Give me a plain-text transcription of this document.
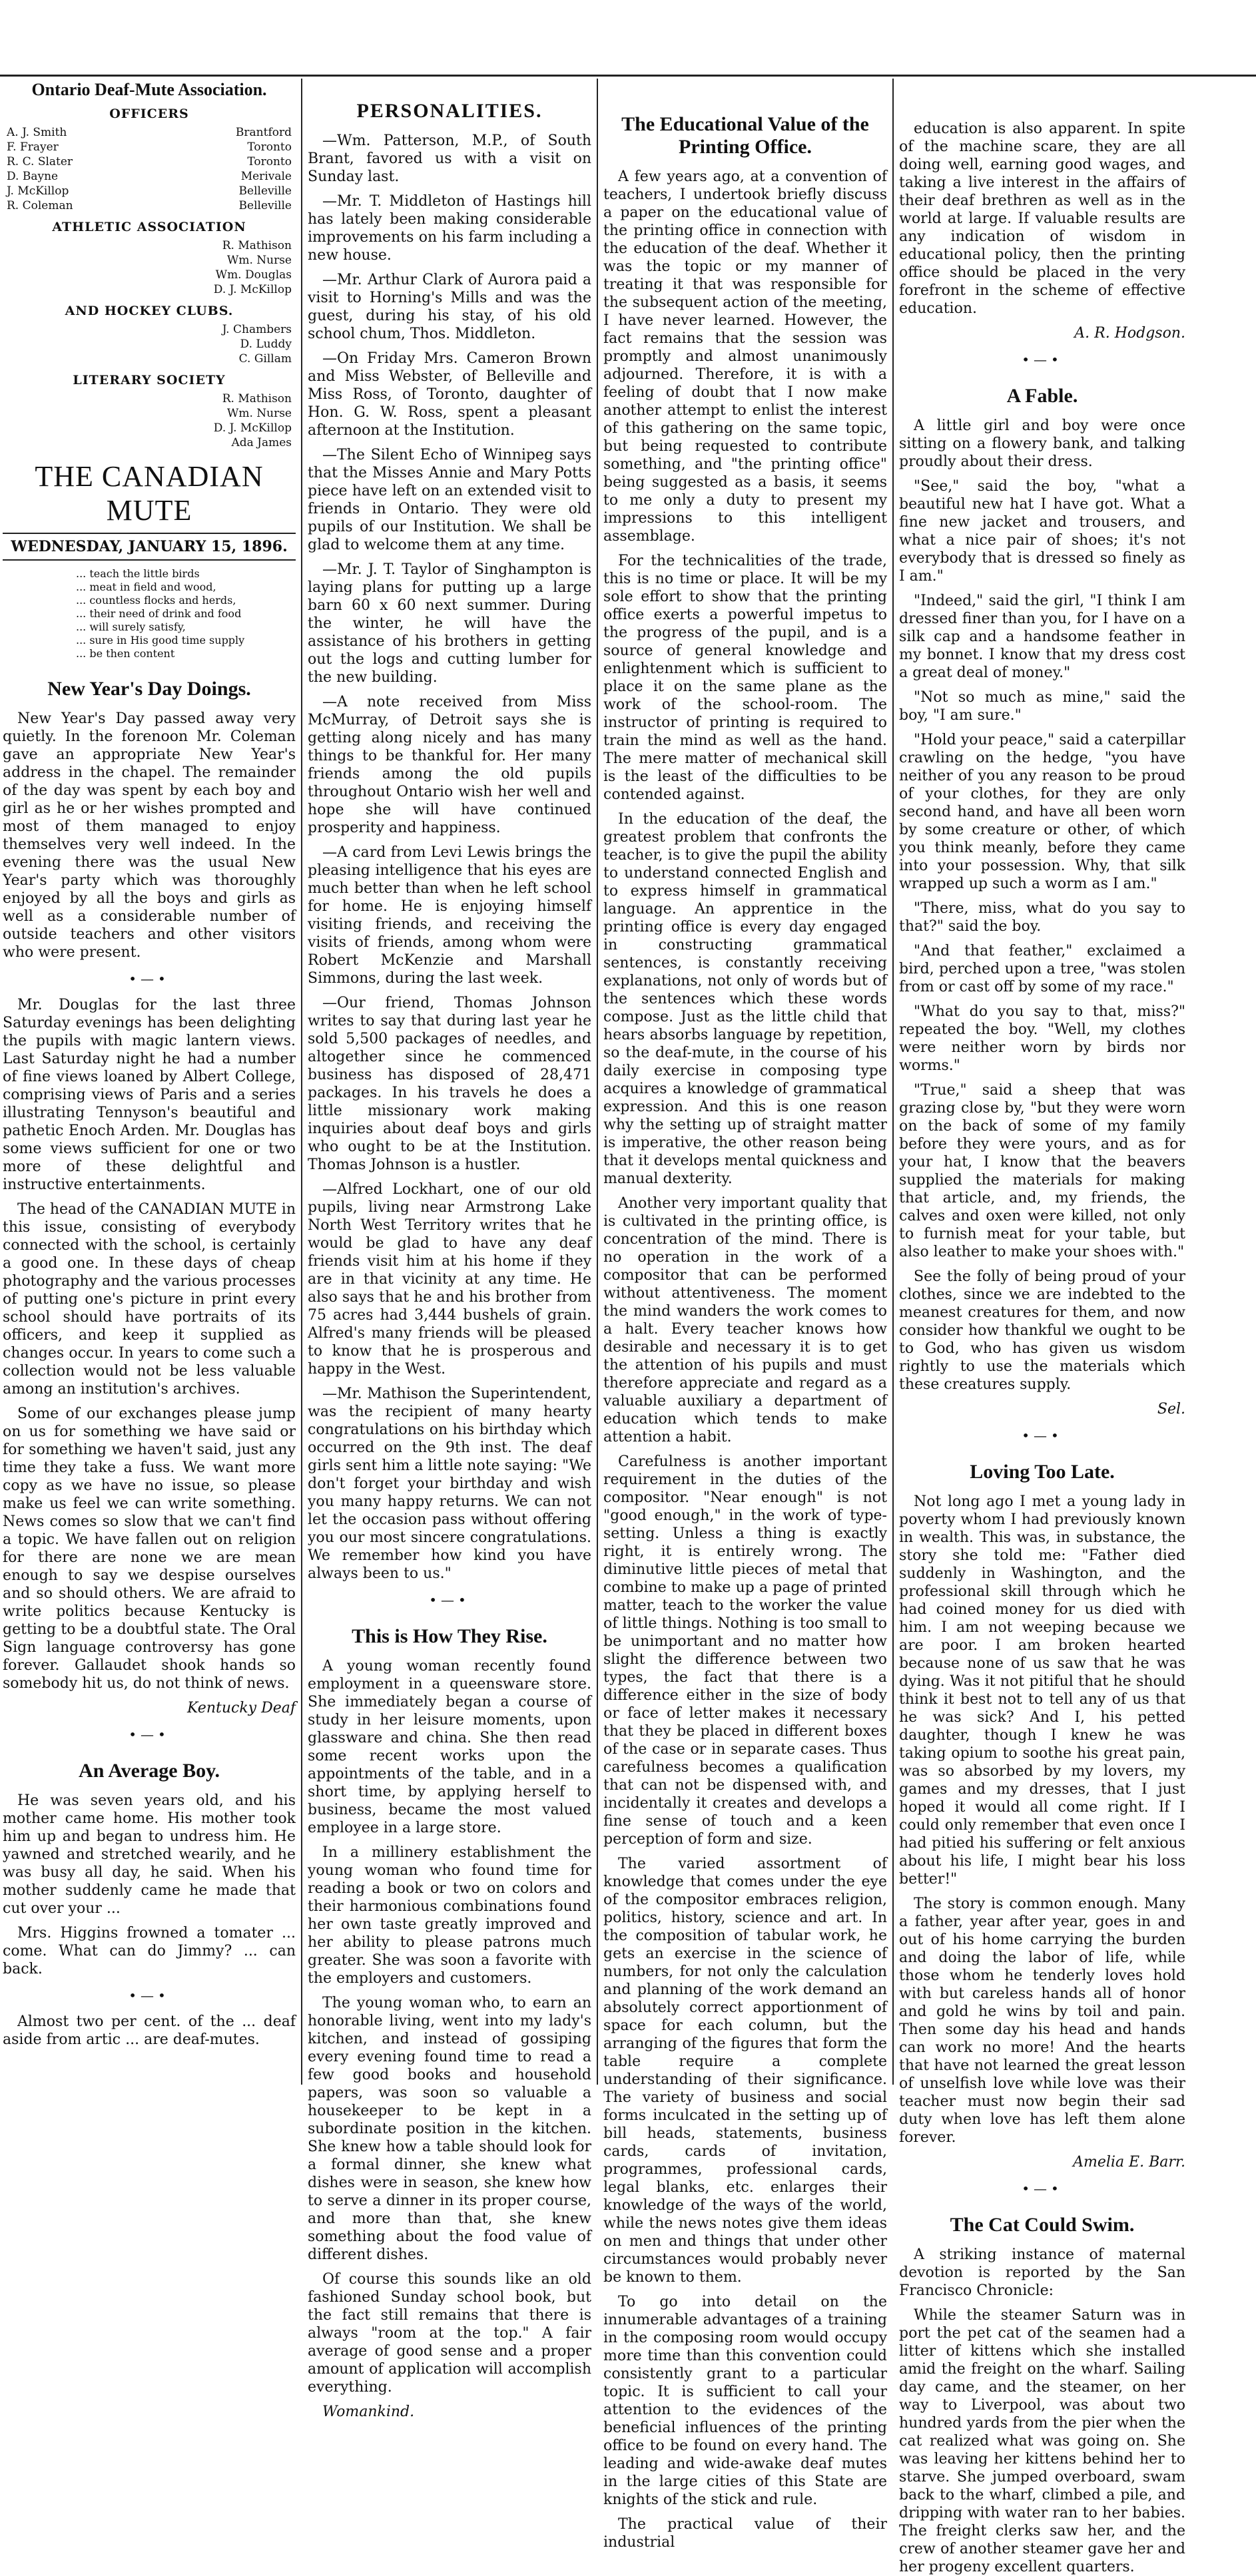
Ontario Deaf-Mute Association.
OFFICERS
A. J. Smith	Brantford
F. Frayer	Toronto
R. C. Slater	Toronto
D. Bayne	Merivale
J. McKillop	Belleville
R. Coleman	Belleville
ATHLETIC ASSOCIATION
R. Mathison
Wm. Nurse
Wm. Douglas
D. J. McKillop
AND HOCKEY CLUBS.
J. Chambers
D. Luddy
C. Gillam
LITERARY SOCIETY
R. Mathison
Wm. Nurse
D. J. McKillop
Ada James
THE CANADIAN MUTE
WEDNESDAY, JANUARY 15, 1896.
... teach the little birds
... meat in field and wood,
... countless flocks and herds,
... their need of drink and food
... will surely satisfy,
... sure in His good time supply
... be then content
New Year's Day Doings.

New Year's Day passed away very quietly. In the forenoon Mr. Coleman gave an appropriate New Year's address in the chapel. The remainder of the day was spent by each boy and girl as he or her wishes prompted and most of them managed to enjoy themselves very well indeed. In the evening there was the usual New Year's party which was thoroughly enjoyed by all the boys and girls as well as a considerable number of outside teachers and other visitors who were present.

•—•

Mr. Douglas for the last three Saturday evenings has been delighting the pupils with magic lantern views. Last Saturday night he had a number of fine views loaned by Albert College, comprising views of Paris and a series illustrating Tennyson's beautiful and pathetic Enoch Arden. Mr. Douglas has some views sufficient for one or two more of these delightful and instructive entertainments.

The head of the CANADIAN MUTE in this issue, consisting of everybody connected with the school, is certainly a good one. In these days of cheap photography and the various processes of putting one's picture in print every school should have portraits of its officers, and keep it supplied as changes occur. In years to come such a collection would not be less valuable among an institution's archives.

Some of our exchanges please jump on us for something we have said or for something we haven't said, just any time they take a fuss. We want more copy as we have no issue, so please make us feel we can write something. News comes so slow that we can't find a topic. We have fallen out on religion for there are none we are mean enough to say we despise ourselves and so should others. We are afraid to write politics because Kentucky is getting to be a doubtful state. The Oral Sign language controversy has gone forever. Gallaudet shook hands so somebody hit us, do not think of news.

Kentucky Deaf

•—•
An Average Boy.

He was seven years old, and his mother came home. His mother took him up and began to undress him. He yawned and stretched wearily, and he was busy all day, he said. When his mother suddenly came he made that cut over your ...

Mrs. Higgins frowned a tomater ... come. What can do Jimmy? ... can back.

•—•

Almost two per cent. of the ... deaf aside from artic ... are deaf-mutes.

PERSONALITIES.

—Wm. Patterson, M.P., of South Brant, favored us with a visit on Sunday last.

—Mr. T. Middleton of Hastings hill has lately been making considerable improvements on his farm including a new house.

—Mr. Arthur Clark of Aurora paid a visit to Horning's Mills and was the guest, during his stay, of his old school chum, Thos. Middleton.

—On Friday Mrs. Cameron Brown and Miss Webster, of Belleville and Miss Ross, of Toronto, daughter of Hon. G. W. Ross, spent a pleasant afternoon at the Institution.

—The Silent Echo of Winnipeg says that the Misses Annie and Mary Potts piece have left on an extended visit to friends in Ontario. They were old pupils of our Institution. We shall be glad to welcome them at any time.

—Mr. J. T. Taylor of Singhampton is laying plans for putting up a large barn 60 x 60 next summer. During the winter, he will have the assistance of his brothers in getting out the logs and cutting lumber for the new building.

—A note received from Miss McMurray, of Detroit says she is getting along nicely and has many things to be thankful for. Her many friends among the old pupils throughout Ontario wish her well and hope she will have continued prosperity and happiness.

—A card from Levi Lewis brings the pleasing intelligence that his eyes are much better than when he left school for home. He is enjoying himself visiting friends, and receiving the visits of friends, among whom were Robert McKenzie and Marshall Simmons, during the last week.

—Our friend, Thomas Johnson writes to say that during last year he sold 5,500 packages of needles, and altogether since he commenced business has disposed of 28,471 packages. In his travels he does a little missionary work making inquiries about deaf boys and girls who ought to be at the Institution. Thomas Johnson is a hustler.

—Alfred Lockhart, one of our old pupils, living near Armstrong Lake North West Territory writes that he would be glad to have any deaf friends visit him at his home if they are in that vicinity at any time. He also says that he and his brother from 75 acres had 3,444 bushels of grain. Alfred's many friends will be pleased to know that he is prosperous and happy in the West.

—Mr. Mathison the Superintendent, was the recipient of many hearty congratulations on his birthday which occurred on the 9th inst. The deaf girls sent him a little note saying: "We don't forget your birthday and wish you many happy returns. We can not let the occasion pass without offering you our most sincere congratulations. We remember how kind you have always been to us."

•—•
This is How They Rise.

A young woman recently found employment in a queensware store. She immediately began a course of study in her leisure moments, upon glassware and china. She then read some recent works upon the appointments of the table, and in a short time, by applying herself to business, became the most valued employee in a large store.

In a millinery establishment the young woman who found time for reading a book or two on colors and their harmonious combinations found her own taste greatly improved and her ability to please patrons much greater. She was soon a favorite with the employers and customers.

The young woman who, to earn an honorable living, went into my lady's kitchen, and instead of gossiping every evening found time to read a few good books and household papers, was soon so valuable a housekeeper to be kept in a subordinate position in the kitchen. She knew how a table should look for a formal dinner, she knew what dishes were in season, she knew how to serve a dinner in its proper course, and more than that, she knew something about the food value of different dishes.

Of course this sounds like an old fashioned Sunday school book, but the fact still remains that there is always "room at the top." A fair average of good sense and a proper amount of application will accomplish everything.

Womankind.

The Educational Value of the Printing Office.

A few years ago, at a convention of teachers, I undertook briefly discuss a paper on the educational value of the printing office in connection with the education of the deaf. Whether it was the topic or my manner of treating it that was responsible for the subsequent action of the meeting, I have never learned. However, the fact remains that the session was promptly and almost unanimously adjourned. Therefore, it is with a feeling of doubt that I now make another attempt to enlist the interest of this gathering on the same topic, but being requested to contribute something, and "the printing office" being suggested as a basis, it seems to me only a duty to present my impressions to this intelligent assemblage.

For the technicalities of the trade, this is no time or place. It will be my sole effort to show that the printing office exerts a powerful impetus to the progress of the pupil, and is a source of general knowledge and enlightenment which is sufficient to place it on the same plane as the work of the school-room. The instructor of printing is required to train the mind as well as the hand. The mere matter of mechanical skill is the least of the difficulties to be contended against.

In the education of the deaf, the greatest problem that confronts the teacher, is to give the pupil the ability to understand connected English and to express himself in grammatical language. An apprentice in the printing office is every day engaged in constructing grammatical sentences, is constantly receiving explanations, not only of words but of the sentences which these words compose. Just as the little child that hears absorbs language by repetition, so the deaf-mute, in the course of his daily exercise in composing type acquires a knowledge of grammatical expression. And this is one reason why the setting up of straight matter is imperative, the other reason being that it develops mental quickness and manual dexterity.

Another very important quality that is cultivated in the printing office, is concentration of the mind. There is no operation in the work of a compositor that can be performed without attentiveness. The moment the mind wanders the work comes to a halt. Every teacher knows how desirable and necessary it is to get the attention of his pupils and must therefore appreciate and regard as a valuable auxiliary a department of education which tends to make attention a habit.

Carefulness is another important requirement in the duties of the compositor. "Near enough" is not "good enough," in the work of type-setting. Unless a thing is exactly right, it is entirely wrong. The diminutive little pieces of metal that combine to make up a page of printed matter, teach to the worker the value of little things. Nothing is too small to be unimportant and no matter how slight the difference between two types, the fact that there is a difference either in the size of body or face of letter makes it necessary that they be placed in different boxes of the case or in separate cases. Thus carefulness becomes a qualification that can not be dispensed with, and incidentally it creates and develops a fine sense of touch and a keen perception of form and size.

The varied assortment of knowledge that comes under the eye of the compositor embraces religion, politics, history, science and art. In the composition of tabular work, he gets an exercise in the science of numbers, for not only the calculation and planning of the work demand an absolutely correct apportionment of space for each column, but the arranging of the figures that form the table require a complete understanding of their significance. The variety of business and social forms inculcated in the setting up of bill heads, statements, business cards, cards of invitation, programmes, professional cards, legal blanks, etc. enlarges their knowledge of the ways of the world, while the news notes give them ideas on men and things that under other circumstances would probably never be known to them.

To go into detail on the innumerable advantages of a training in the composing room would occupy more time than this convention could consistently grant to a particular topic. It is sufficient to call your attention to the evidences of the beneficial influences of the printing office to be found on every hand. The leading and wide-awake deaf mutes in the large cities of this State are knights of the stick and rule.

The practical value of their industrial

education is also apparent. In spite of the machine scare, they are all doing well, earning good wages, and taking a live interest in the affairs of their deaf brethren as well as in the world at large. If valuable results are any indication of wisdom in educational policy, then the printing office should be placed in the very forefront in the scheme of effective education.

A. R. Hodgson.

•—•
A Fable.

A little girl and boy were once sitting on a flowery bank, and talking proudly about their dress.

"See," said the boy, "what a beautiful new hat I have got. What a fine new jacket and trousers, and what a nice pair of shoes; it's not everybody that is dressed so finely as I am."

"Indeed," said the girl, "I think I am dressed finer than you, for I have on a silk cap and a handsome feather in my bonnet. I know that my dress cost a great deal of money."

"Not so much as mine," said the boy, "I am sure."

"Hold your peace," said a caterpillar crawling on the hedge, "you have neither of you any reason to be proud of your clothes, for they are only second hand, and have all been worn by some creature or other, of which you think meanly, before they came into your possession. Why, that silk wrapped up such a worm as I am."

"There, miss, what do you say to that?" said the boy.

"And that feather," exclaimed a bird, perched upon a tree, "was stolen from or cast off by some of my race."

"What do you say to that, miss?" repeated the boy. "Well, my clothes were neither worn by birds nor worms."

"True," said a sheep that was grazing close by, "but they were worn on the back of some of my family before they were yours, and as for your hat, I know that the beavers supplied the materials for making that article, and, my friends, the calves and oxen were killed, not only to furnish meat for your table, but also leather to make your shoes with."

See the folly of being proud of your clothes, since we are indebted to the meanest creatures for them, and now consider how thankful we ought to be to God, who has given us wisdom rightly to use the materials which these creatures supply.

Sel.

•—•
Loving Too Late.

Not long ago I met a young lady in poverty whom I had previously known in wealth. This was, in substance, the story she told me: "Father died suddenly in Washington, and the professional skill through which he had coined money for us died with him. I am not weeping because we are poor. I am broken hearted because none of us saw that he was dying. Was it not pitiful that he should think it best not to tell any of us that he was sick? And I, his petted daughter, though I knew he was taking opium to soothe his great pain, was so absorbed by my lovers, my games and my dresses, that I just hoped it would all come right. If I could only remember that even once I had pitied his suffering or felt anxious about his life, I might bear his loss better!"

The story is common enough. Many a father, year after year, goes in and out of his home carrying the burden and doing the labor of life, while those whom he tenderly loves hold with but careless hands all of honor and gold he wins by toil and pain. Then some day his head and hands can work no more! And the hearts that have not learned the great lesson of unselfish love while love was their teacher must now begin their sad duty when love has left them alone forever.

Amelia E. Barr.

•—•
The Cat Could Swim.

A striking instance of maternal devotion is reported by the San Francisco Chronicle:

While the steamer Saturn was in port the pet cat of the seamen had a litter of kittens which she installed amid the freight on the wharf. Sailing day came, and the steamer, on her way to Liverpool, was about two hundred yards from the pier when the cat realized what was going on. She was leaving her kittens behind her to starve. She jumped overboard, swam back to the wharf, climbed a pile, and dripping with water ran to her babies. The freight clerks saw her, and the crew of another steamer gave her and her progeny excellent quarters.
